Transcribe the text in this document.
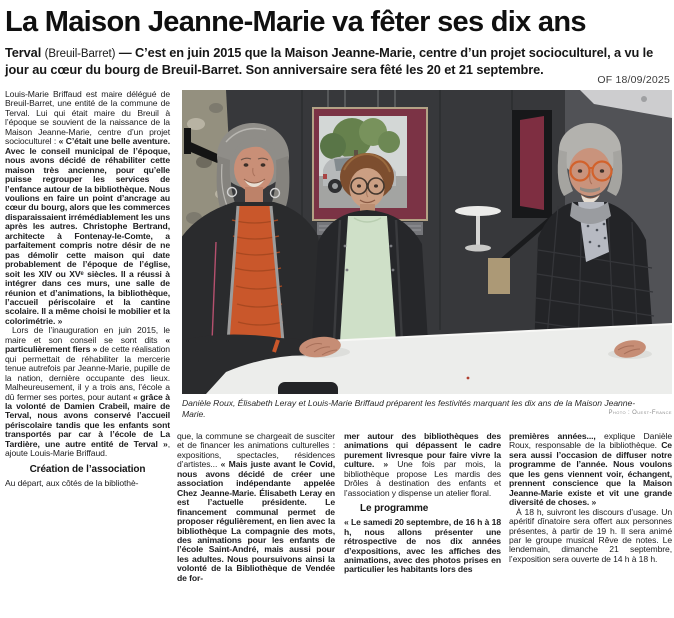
La Maison Jeanne-Marie va fêter ses dix ans

Terval (Breuil-Barret) — C’est en juin 2015 que la Maison Jeanne-Marie, centre d’un projet socioculturel, a vu le jour au cœur du bourg de Breuil-Barret. Son anniversaire sera fêté les 20 et 21 septembre.

OF 18/09/2025

Louis-Marie Briffaud est maire délégué de Breuil-Barret, une entité de la commune de Terval. Lui qui était maire du Breuil à l’époque se souvient de la naissance de la Maison Jeanne-Marie, centre d’un projet socioculturel : « C’était une belle aventure. Avec le conseil municipal de l’époque, nous avons décidé de réhabiliter cette maison très ancienne, pour qu’elle puisse regrouper les services de l’enfance autour de la bibliothèque. Nous voulions en faire un point d’ancrage au cœur du bourg, alors que les commerces disparaissaient irrémédiablement les uns après les autres. Christophe Bertrand, architecte à Fontenay-le-Comte, a parfaitement compris notre désir de ne pas démolir cette maison qui date probablement de l’époque de l’église, soit les XIV ou XVᵉ siècles. Il a réussi à intégrer dans ces murs, une salle de réunion et d’animations, la bibliothèque, l’accueil périscolaire et la cantine scolaire. Il a même choisi le mobilier et la colorimétrie. »

Lors de l’inauguration en juin 2015, le maire et son conseil se sont dits « particulièrement fiers » de cette réalisation qui permettait de réhabiliter la mercerie tenue autrefois par Jeanne-Marie, pupille de la nation, dernière occupante des lieux. Malheureusement, il y a trois ans, l’école a dû fermer ses portes, pour autant « grâce à la volonté de Damien Crabeil, maire de Terval, nous avons conservé l’accueil périscolaire tandis que les enfants sont transportés par car à l’école de La Tardière, une autre entité de Terval », ajoute Louis-Marie Briffaud.

Création de l’association

Au départ, aux côtés de la bibliothè-

Danièle Roux, Élisabeth Leray et Louis-Marie Briffaud préparent les festivités marquant les dix ans de la Maison Jeanne-Marie.	Photo : Ouest-France

que, la commune se chargeait de susciter et de financer les animations culturelles : expositions, spectacles, résidences d’artistes... « Mais juste avant le Covid, nous avons décidé de créer une association indépendante appelée Chez Jeanne-Marie. Élisabeth Leray en est l’actuelle présidente. Le financement communal permet de proposer régulièrement, en lien avec la bibliothèque La compagnie des mots, des animations pour les enfants de l’école Saint-André, mais aussi pour les adultes. Nous poursuivons ainsi la volonté de la Bibliothèque de Vendée de for-

mer autour des bibliothèques des animations qui dépassent le cadre purement livresque pour faire vivre la culture. » Une fois par mois, la bibliothèque propose Les mardis des Drôles à destination des enfants et l’association y dispense un atelier floral.

Le programme

« Le samedi 20 septembre, de 16 h à 18 h, nous allons présenter une rétrospective de nos dix années d’expositions, avec les affiches des animations, avec des photos prises en particulier les habitants lors des

premières années..., explique Danièle Roux, responsable de la bibliothèque. Ce sera aussi l’occasion de diffuser notre programme de l’année. Nous voulons que les gens viennent voir, échangent, prennent conscience que la Maison Jeanne-Marie existe et vit une grande diversité de choses. »

À 18 h, suivront les discours d’usage. Un apéritif dînatoire sera offert aux personnes présentes, à partir de 19 h. Il sera animé par le groupe musical Rêve de notes. Le lendemain, dimanche 21 septembre, l’exposition sera ouverte de 14 h à 18 h.
